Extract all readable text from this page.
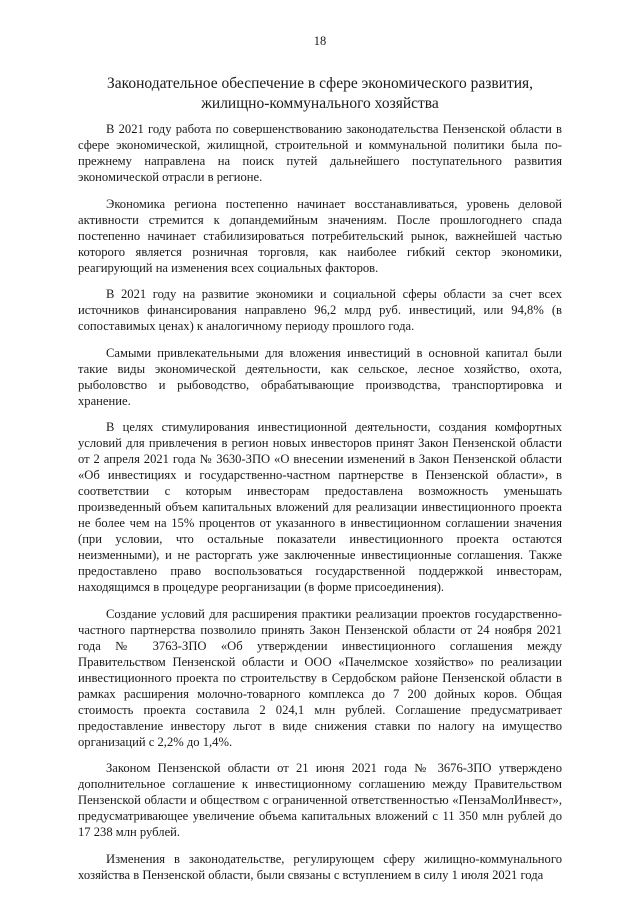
18
Законодательное обеспечение в сфере экономического развития, жилищно-коммунального хозяйства

В 2021 году работа по совершенствованию законодательства Пензенской области в сфере экономической, жилищной, строительной и коммунальной политики была по-прежнему направлена на поиск путей дальнейшего поступательного развития экономической отрасли в регионе.

Экономика региона постепенно начинает восстанавливаться, уровень деловой активности стремится к допандемийным значениям. После прошлогоднего спада постепенно начинает стабилизироваться потребительский рынок, важнейшей частью которого является розничная торговля, как наиболее гибкий сектор экономики, реагирующий на изменения всех социальных факторов.

В 2021 году на развитие экономики и социальной сферы области за счет всех источников финансирования направлено 96,2 млрд руб. инвестиций, или 94,8% (в сопоставимых ценах) к аналогичному периоду прошлого года.

Самыми привлекательными для вложения инвестиций в основной капитал были такие виды экономической деятельности, как сельское, лесное хозяйство, охота, рыболовство и рыбоводство, обрабатывающие производства, транспортировка и хранение.

В целях стимулирования инвестиционной деятельности, создания комфортных условий для привлечения в регион новых инвесторов принят Закон Пензенской области от 2 апреля 2021 года № 3630-ЗПО «О внесении изменений в Закон Пензенской области «Об инвестициях и государственно-частном партнерстве в Пензенской области», в соответствии с которым инвесторам предоставлена возможность уменьшать произведенный объем капитальных вложений для реализации инвестиционного проекта не более чем на 15% процентов от указанного в инвестиционном соглашении значения (при условии, что остальные показатели инвестиционного проекта остаются неизменными), и не расторгать уже заключенные инвестиционные соглашения. Также предоставлено право воспользоваться государственной поддержкой инвесторам, находящимся в процедуре реорганизации (в форме присоединения).

Создание условий для расширения практики реализации проектов государственно-частного партнерства позволило принять Закон Пензенской области от 24 ноября 2021 года № 3763-ЗПО «Об утверждении инвестиционного соглашения между Правительством Пензенской области и ООО «Пачелмское хозяйство» по реализации инвестиционного проекта по строительству в Сердобском районе Пензенской области в рамках расширения молочно-товарного комплекса до 7 200 дойных коров. Общая стоимость проекта составила 2 024,1 млн рублей. Соглашение предусматривает предоставление инвестору льгот в виде снижения ставки по налогу на имущество организаций с 2,2% до 1,4%.

Законом Пензенской области от 21 июня 2021 года № 3676-ЗПО утверждено дополнительное соглашение к инвестиционному соглашению между Правительством Пензенской области и обществом с ограниченной ответственностью «ПензаМолИнвест», предусматривающее увеличение объема капитальных вложений с 11 350 млн рублей до 17 238 млн рублей.

Изменения в законодательстве, регулирующем сферу жилищно-коммунального хозяйства в Пензенской области, были связаны с вступлением в силу 1 июля 2021 года
